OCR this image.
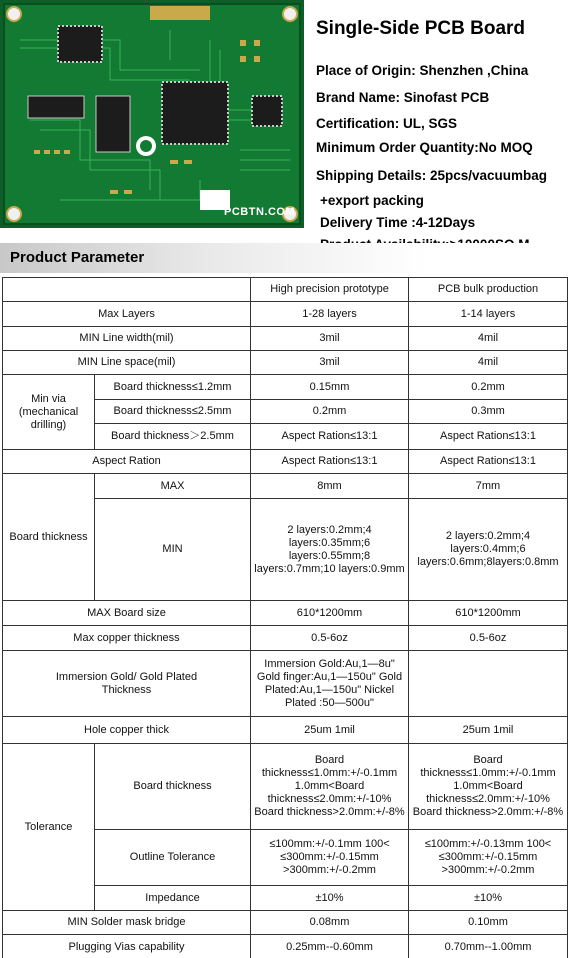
PCBTN.COM
Single-Side PCB Board
Place of Origin: Shenzhen ,China
Brand Name: Sinofast PCB
Certification: UL, SGS
Minimum Order Quantity:No MOQ
Shipping Details: 25pcs/vacuumbag
+export packing
Delivery Time :4-12Days
Product Parameter
		High precision prototype	PCB bulk production
Max Layers		1-28 layers	1-14 layers
MIN Line width(mil)		3mil	4mil
MIN Line space(mil)		3mil	4mil
Min via (mechanical drilling)	Board thickness≤1.2mm	0.15mm	0.2mm
	Board thickness≤2.5mm	0.2mm	0.3mm
	Board thickness＞2.5mm	Aspect Ration≤13:1	Aspect Ration≤13:1
Aspect Ration		Aspect Ration≤13:1	Aspect Ration≤13:1
Board thickness	MAX	8mm	7mm
	MIN	2 layers:0.2mm;4 layers:0.35mm;6 layers:0.55mm;8 layers:0.7mm;10 layers:0.9mm	2 layers:0.2mm;4 layers:0.4mm;6 layers:0.6mm;8layers:0.8mm
MAX Board size		610*1200mm	610*1200mm
Max copper thickness		0.5-6oz	0.5-6oz
Immersion Gold/ Gold Plated Thickness		Immersion Gold:Au,1—8u" Gold finger:Au,1—150u" Gold Plated:Au,1—150u" Nickel Plated :50—500u"	
Hole copper thick		25um 1mil	25um 1mil
Tolerance	Board thickness	Board thickness≤1.0mm:+/-0.1mm 1.0mm<Board thickness≤2.0mm:+/-10% Board thickness>2.0mm:+/-8%	Board thickness≤1.0mm:+/-0.1mm 1.0mm<Board thickness≤2.0mm:+/-10% Board thickness>2.0mm:+/-8%
	Outline Tolerance	≤100mm:+/-0.1mm 100< ≤300mm:+/-0.15mm >300mm:+/-0.2mm	≤100mm:+/-0.13mm 100< ≤300mm:+/-0.15mm >300mm:+/-0.2mm
	Impedance	±10%	±10%
MIN Solder mask bridge		0.08mm	0.10mm
Plugging Vias capability		0.25mm--0.60mm	0.70mm--1.00mm
